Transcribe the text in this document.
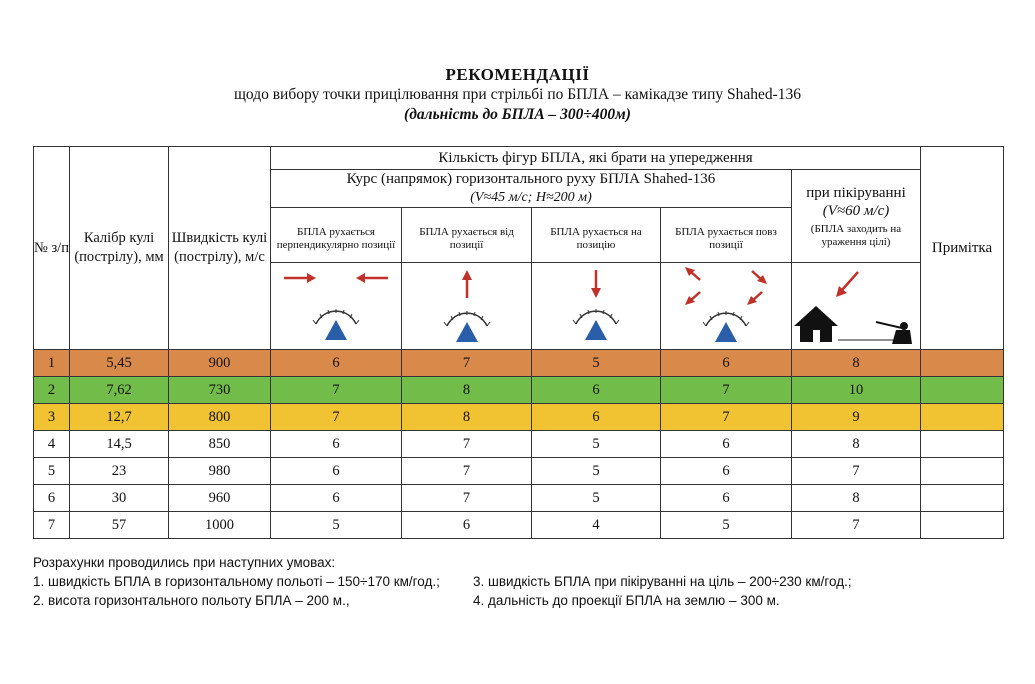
РЕКОМЕНДАЦІЇ
щодо вибору точки прицілювання при стрільбі по БПЛА – камікадзе типу Shahed-136
(дальність до БПЛА – 300÷400м)
№ з/п	Калібр кулі (пострілу), мм	Швидкість кулі (пострілу), м/с	Кількість фігур БПЛА, які брати на упередження					Примітка

			Курс (напрямок) горизонтального руху БПЛА Shahed-136
(V≈45 м/с; H≈200 м)				при пікіруванні
(V≈60 м/с)
(БПЛА заходить на ураження цілі)	

			БПЛА рухається перпендикулярно позиції	БПЛА рухається від позиції	БПЛА рухається на позицію	БПЛА рухається повз позиції		

1	5,45	900	6	7	5	6	8	
2	7,62	730	7	8	6	7	10	
3	12,7	800	7	8	6	7	9	
4	14,5	850	6	7	5	6	8	
5	23	980	6	7	5	6	7	
6	30	960	6	7	5	6	8	
7	57	1000	5	6	4	5	7	
Розрахунки проводились при наступних умовах:
1. швидкість БПЛА в горизонтальному польоті – 150÷170 км/год.;	3. швидкість БПЛА при пікіруванні на ціль – 200÷230 км/год.;
2. висота горизонтального польоту БПЛА – 200 м.,	4. дальність до проекції БПЛА на землю – 300 м.
